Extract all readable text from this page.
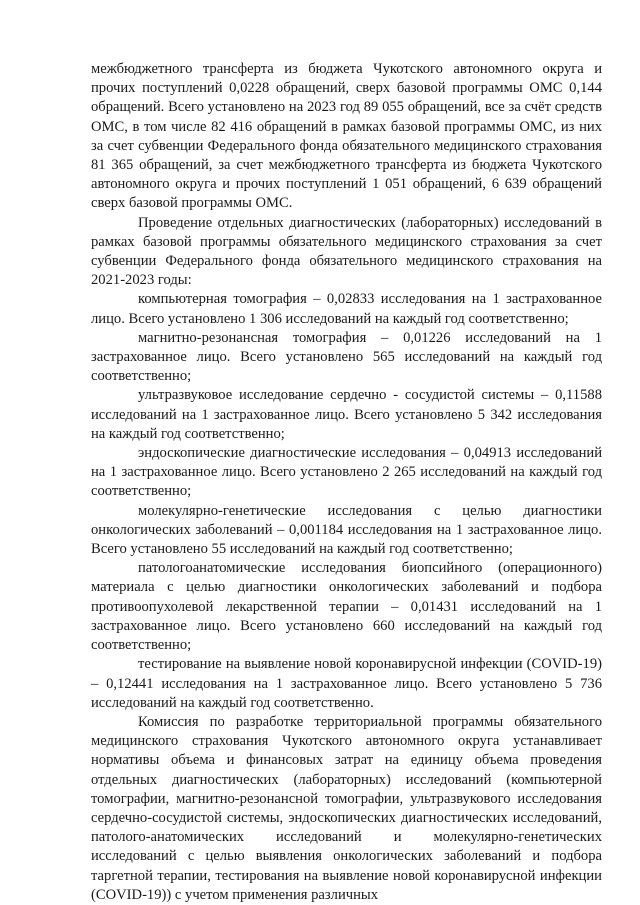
межбюджетного трансферта из бюджета Чукотского автономного округа и прочих поступлений 0,0228 обращений, сверх базовой программы ОМС 0,144 обращений. Всего установлено на 2023 год 89 055 обращений, все за счёт средств ОМС, в том числе 82 416 обращений в рамках базовой программы ОМС, из них за счет субвенции Федерального фонда обязательного медицинского страхования 81 365 обращений, за счет межбюджетного трансферта из бюджета Чукотского автономного округа и прочих поступлений 1 051 обращений, 6 639 обращений сверх базовой программы ОМС.

Проведение отдельных диагностических (лабораторных) исследований в рамках базовой программы обязательного медицинского страхования за счет субвенции Федерального фонда обязательного медицинского страхования на 2021-2023 годы:

компьютерная томография – 0,02833 исследования на 1 застрахованное лицо. Всего установлено 1 306 исследований на каждый год соответственно;

магнитно-резонансная томография – 0,01226 исследований на 1 застрахованное лицо. Всего установлено 565 исследований на каждый год соответственно;

ультразвуковое исследование сердечно - сосудистой системы – 0,11588 исследований на 1 застрахованное лицо. Всего установлено 5 342 исследования на каждый год соответственно;

эндоскопические диагностические исследования – 0,04913 исследований на 1 застрахованное лицо. Всего установлено 2 265 исследований на каждый год соответственно;

молекулярно-генетические исследования с целью диагностики онкологических заболеваний – 0,001184 исследования на 1 застрахованное лицо. Всего установлено 55 исследований на каждый год соответственно;

патологоанатомические исследования биопсийного (операционного) материала с целью диагностики онкологических заболеваний и подбора противоопухолевой лекарственной терапии – 0,01431 исследований на 1 застрахованное лицо. Всего установлено 660 исследований на каждый год соответственно;

тестирование на выявление новой коронавирусной инфекции (COVID-19) – 0,12441 исследования на 1 застрахованное лицо. Всего установлено 5 736 исследований на каждый год соответственно.

Комиссия по разработке территориальной программы обязательного медицинского страхования Чукотского автономного округа устанавливает нормативы объема и финансовых затрат на единицу объема проведения отдельных диагностических (лабораторных) исследований (компьютерной томографии, магнитно-резонансной томографии, ультразвукового исследования сердечно-сосудистой системы, эндоскопических диагностических исследований, патолого-анатомических исследований и молекулярно-генетических исследований с целью выявления онкологических заболеваний и подбора таргетной терапии, тестирования на выявление новой коронавирусной инфекции (COVID-19)) с учетом применения различных
